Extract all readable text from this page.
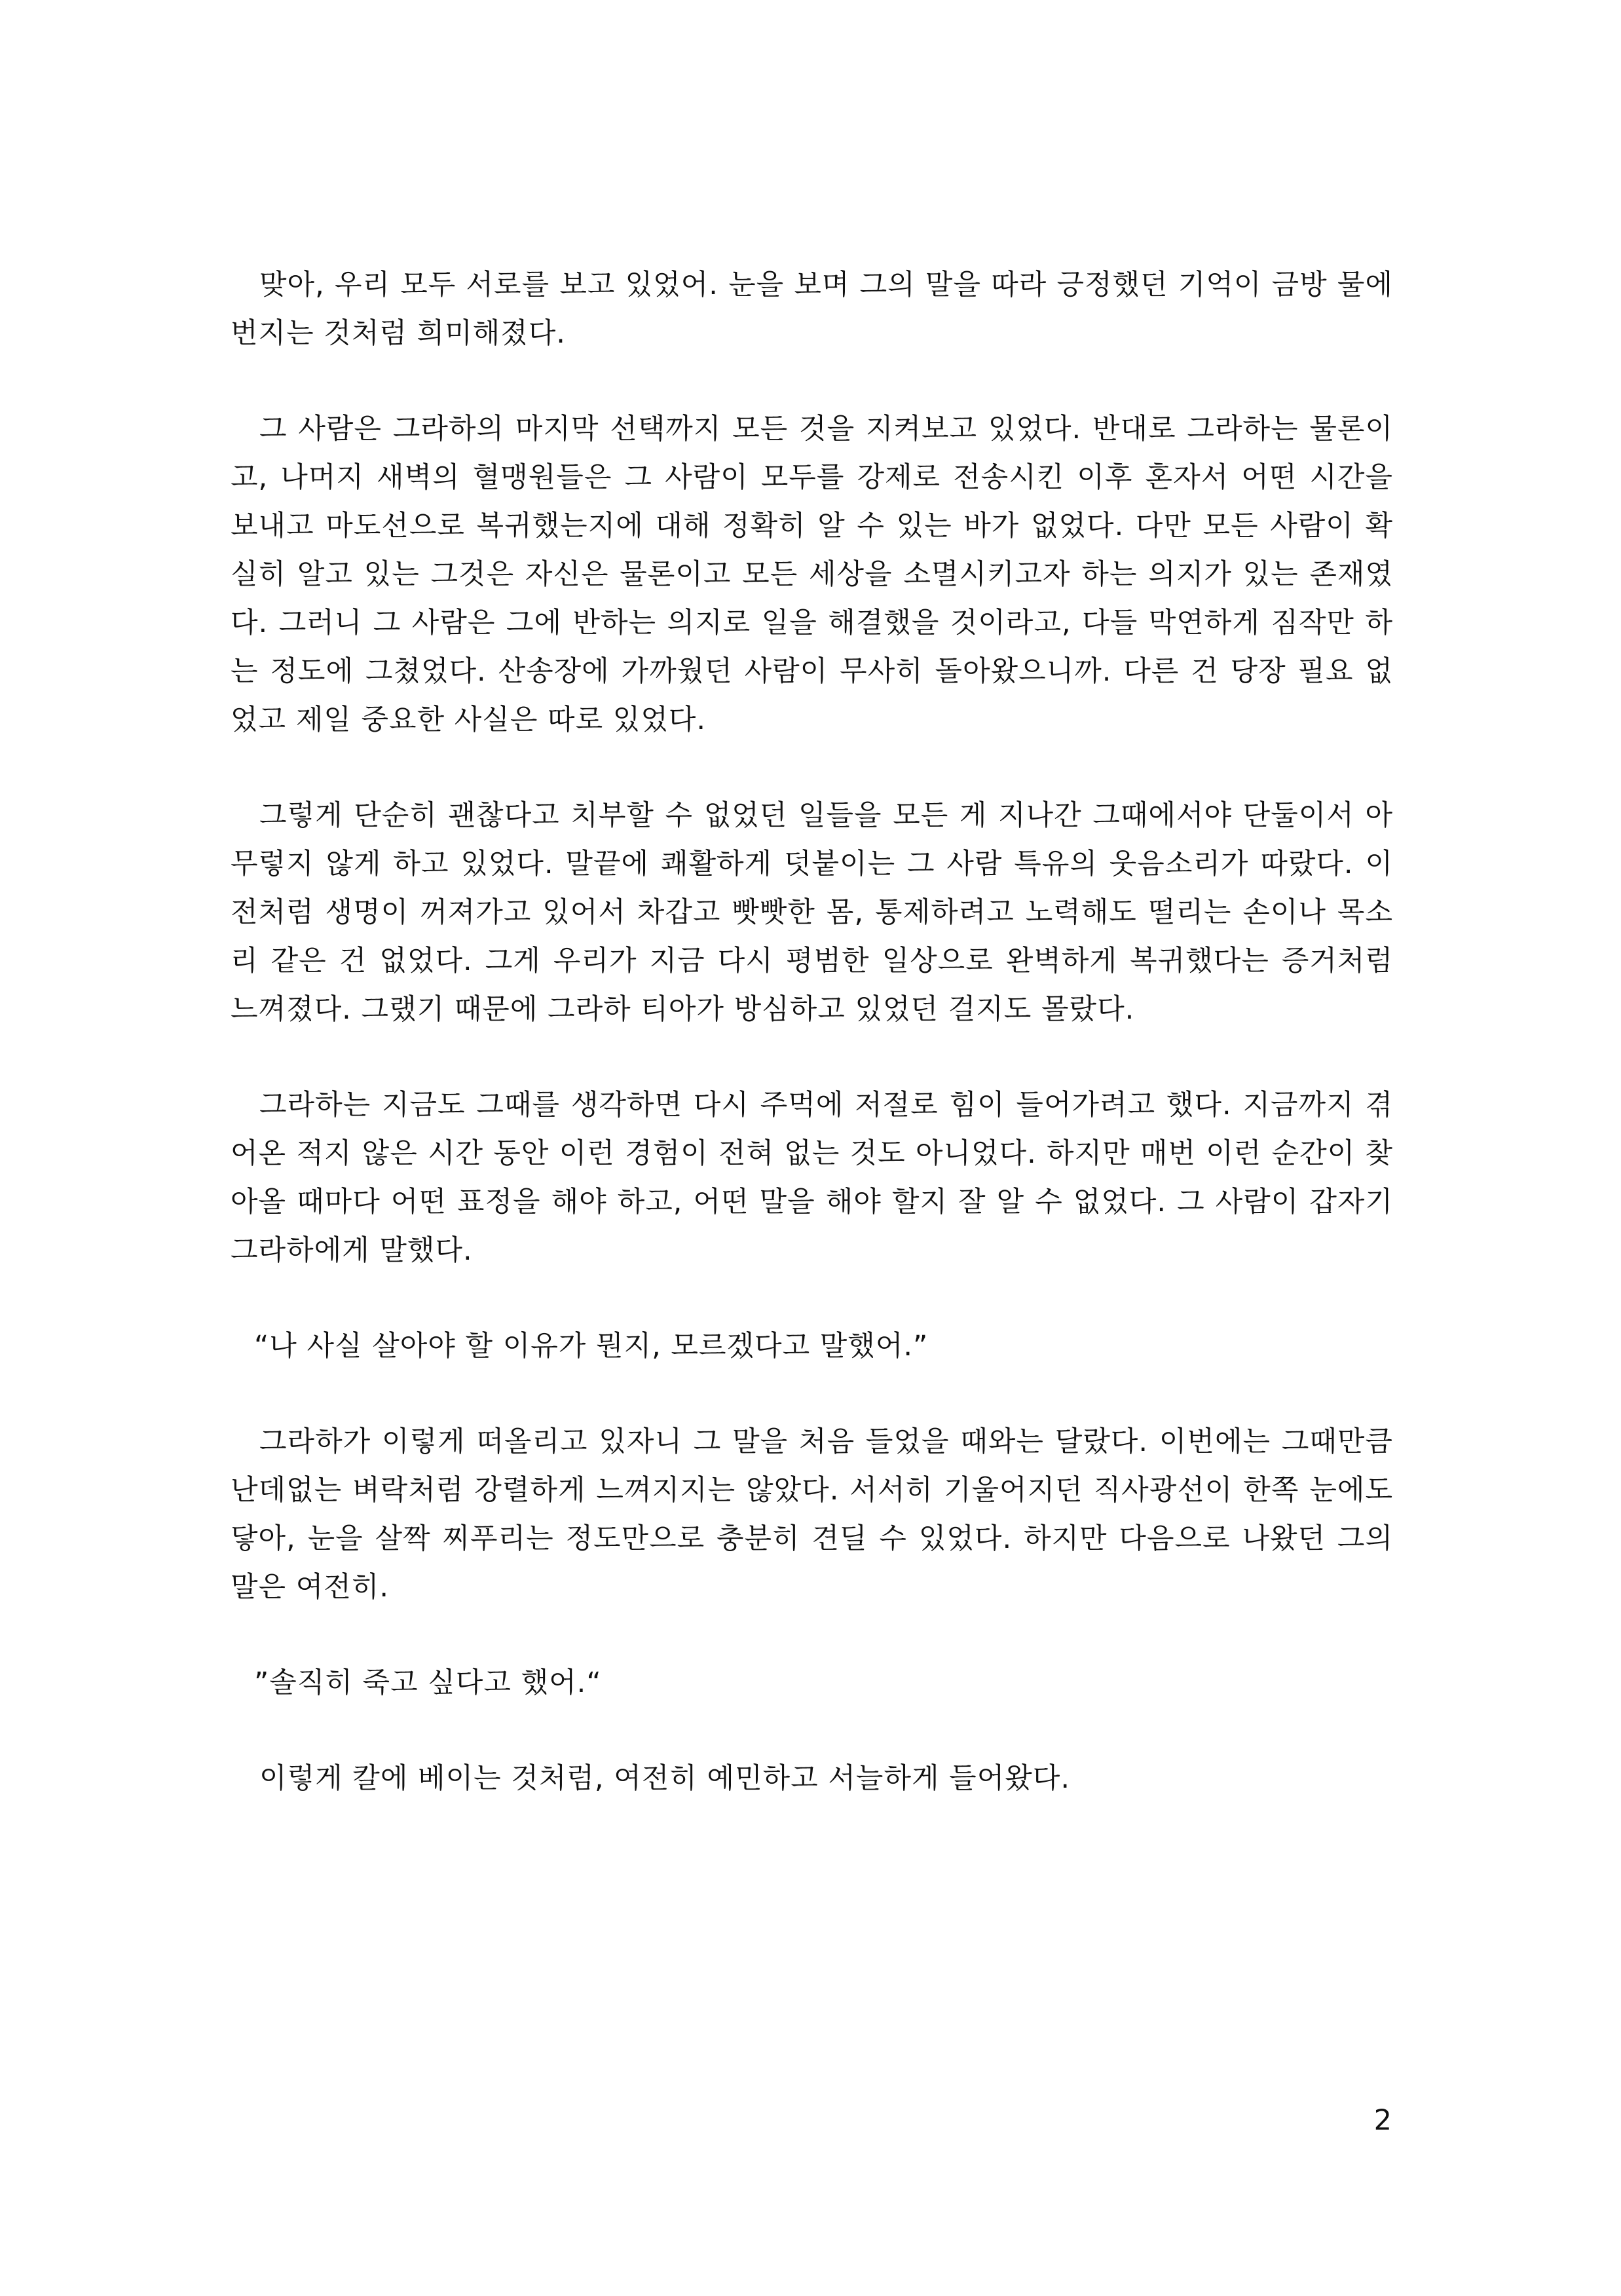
맞아, 우리 모두 서로를 보고 있었어. 눈을 보며 그의 말을 따라 긍정했던 기억이 금방 물에 번지는 것처럼 희미해졌다.

그 사람은 그라하의 마지막 선택까지 모든 것을 지켜보고 있었다. 반대로 그라하는 물론이고, 나머지 새벽의 혈맹원들은 그 사람이 모두를 강제로 전송시킨 이후 혼자서 어떤 시간을 보내고 마도선으로 복귀했는지에 대해 정확히 알 수 있는 바가 없었다. 다만 모든 사람이 확실히 알고 있는 그것은 자신은 물론이고 모든 세상을 소멸시키고자 하는 의지가 있는 존재였다. 그러니 그 사람은 그에 반하는 의지로 일을 해결했을 것이라고, 다들 막연하게 짐작만 하는 정도에 그쳤었다. 산송장에 가까웠던 사람이 무사히 돌아왔으니까. 다른 건 당장 필요 없었고 제일 중요한 사실은 따로 있었다.

그렇게 단순히 괜찮다고 치부할 수 없었던 일들을 모든 게 지나간 그때에서야 단둘이서 아무렇지 않게 하고 있었다. 말끝에 쾌활하게 덧붙이는 그 사람 특유의 웃음소리가 따랐다. 이전처럼 생명이 꺼져가고 있어서 차갑고 빳빳한 몸, 통제하려고 노력해도 떨리는 손이나 목소리 같은 건 없었다. 그게 우리가 지금 다시 평범한 일상으로 완벽하게 복귀했다는 증거처럼 느껴졌다. 그랬기 때문에 그라하 티아가 방심하고 있었던 걸지도 몰랐다.

그라하는 지금도 그때를 생각하면 다시 주먹에 저절로 힘이 들어가려고 했다. 지금까지 겪어온 적지 않은 시간 동안 이런 경험이 전혀 없는 것도 아니었다. 하지만 매번 이런 순간이 찾아올 때마다 어떤 표정을 해야 하고, 어떤 말을 해야 할지 잘 알 수 없었다. 그 사람이 갑자기 그라하에게 말했다.

“나 사실 살아야 할 이유가 뭔지, 모르겠다고 말했어.”

그라하가 이렇게 떠올리고 있자니 그 말을 처음 들었을 때와는 달랐다. 이번에는 그때만큼 난데없는 벼락처럼 강렬하게 느껴지지는 않았다. 서서히 기울어지던 직사광선이 한쪽 눈에도 닿아, 눈을 살짝 찌푸리는 정도만으로 충분히 견딜 수 있었다. 하지만 다음으로 나왔던 그의 말은 여전히.

”솔직히 죽고 싶다고 했어.“

이렇게 칼에 베이는 것처럼, 여전히 예민하고 서늘하게 들어왔다.

2
